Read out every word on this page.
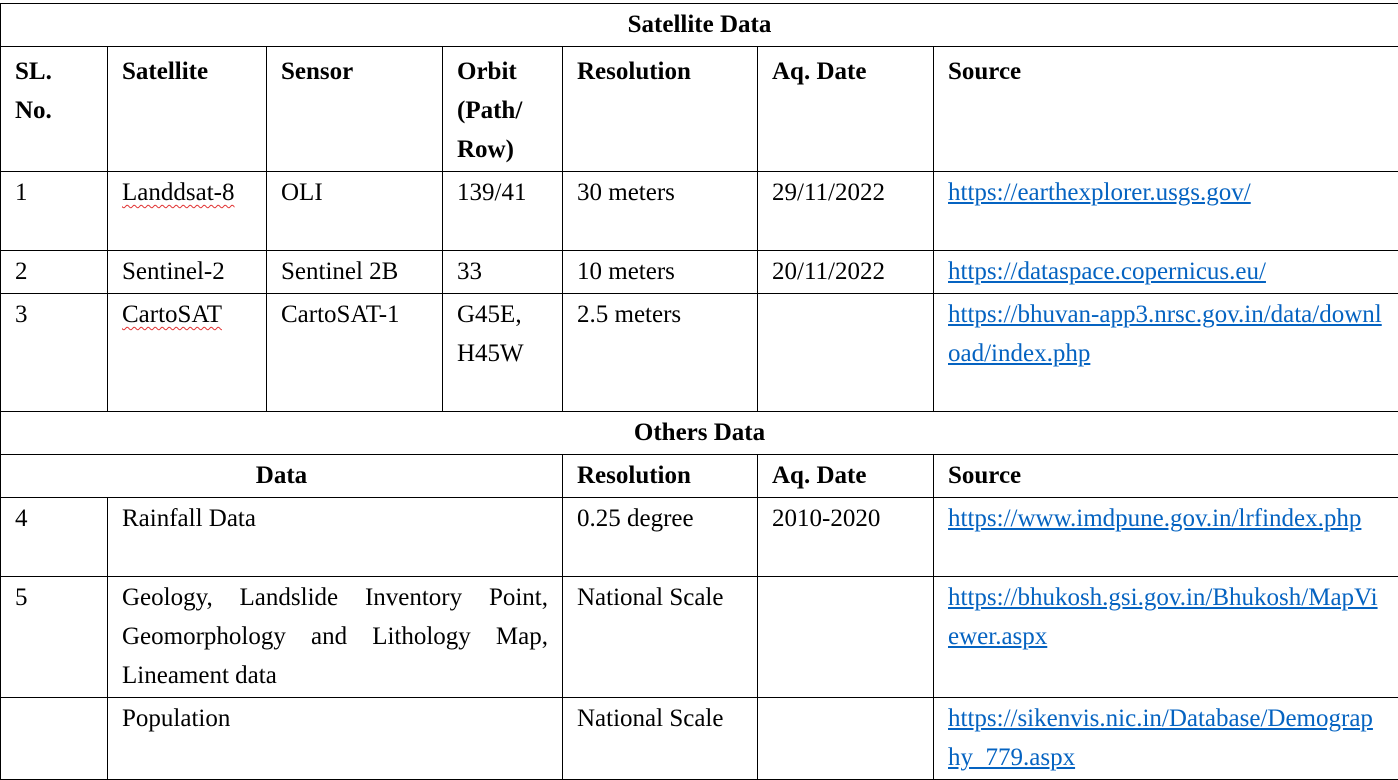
Satellite Data						
SL. No.	Satellite	Sensor	Orbit (Path/ Row)	Resolution	Aq. Date	Source
1	Landdsat-8	OLI	139/41	30 meters	29/11/2022	https://earthexplorer.usgs.gov/
2	Sentinel-2	Sentinel 2B	33	10 meters	20/11/2022	https://dataspace.copernicus.eu/
3	CartoSAT	CartoSAT-1	G45E, H45W	2.5 meters		https://bhuvan-app3.nrsc.gov.in/data/download/index.php
Others Data						
Data				Resolution	Aq. Date	Source
4	Rainfall Data			0.25 degree	2010-2020	https://www.imdpune.gov.in/lrfindex.php
5	Geology, Landslide Inventory Point, Geomorphology and Lithology Map, Lineament data			National Scale		https://bhukosh.gsi.gov.in/Bhukosh/MapViewer.aspx
	Population			National Scale		https://sikenvis.nic.in/Database/Demography_779.aspx
